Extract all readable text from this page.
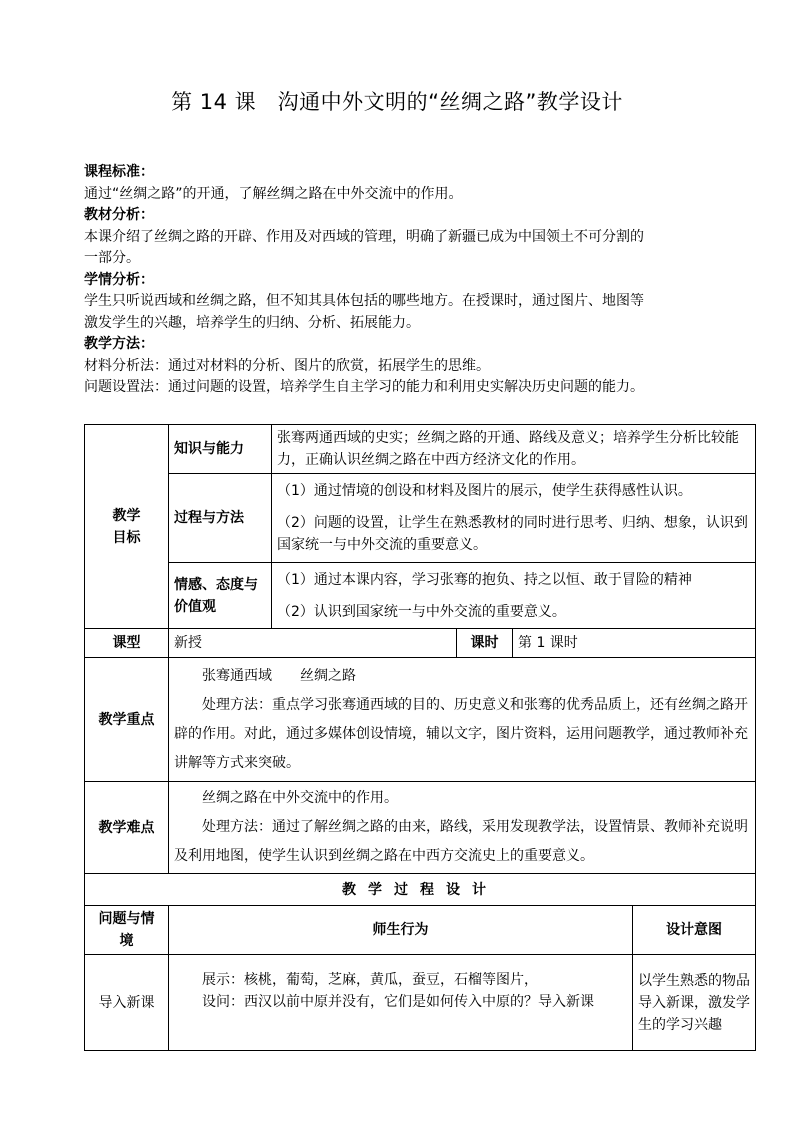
第 14 课　沟通中外文明的“丝绸之路”教学设计
课程标准：
通过“丝绸之路”的开通，了解丝绸之路在中外交流中的作用。
教材分析：
本课介绍了丝绸之路的开辟、作用及对西域的管理，明确了新疆已成为中国领土不可分割的
一部分。
学情分析：
学生只听说西域和丝绸之路，但不知其具体包括的哪些地方。在授课时，通过图片、地图等
激发学生的兴趣，培养学生的归纳、分析、拓展能力。
教学方法：
材料分析法：通过对材料的分析、图片的欣赏，拓展学生的思维。
问题设置法：通过问题的设置，培养学生自主学习的能力和利用史实解决历史问题的能力。
教学目标	知识与能力	张骞两通西域的史实；丝绸之路的开通、路线及意义；培养学生分析比较能力，正确认识丝绸之路在中西方经济文化的作用。			
	过程与方法	（1）通过情境的创设和材料及图片的展示，使学生获得感性认识。

（2）问题的设置，让学生在熟悉教材的同时进行思考、归纳、想象，认识到国家统一与中外交流的重要意义。			

	情感、态度与价值观	（1）通过本课内容，学习张骞的抱负、持之以恒、敢于冒险的精神

（2）认识到国家统一与中外交流的重要意义。			

课型	新授		课时	第 1 课时	
教学重点	张骞通西域　　丝绸之路

处理方法：重点学习张骞通西域的目的、历史意义和张骞的优秀品质上，还有丝绸之路开辟的作用。对此，通过多媒体创设情境，辅以文字，图片资料，运用问题教学，通过教师补充讲解等方式来突破。				

教学难点	丝绸之路在中外交流中的作用。

处理方法：通过了解丝绸之路的由来，路线，采用发现教学法，设置情景、教师补充说明及利用地图，使学生认识到丝绸之路在中西方交流史上的重要意义。				

教学过程设计					

问题与情境	师生行为				设计意图
导入新课	展示：核桃，葡萄，芝麻，黄瓜，蚕豆，石榴等图片，

设问：西汉以前中原并没有，它们是如何传入中原的？导入新课				以学生熟悉的物品导入新课，激发学生的学习兴趣
